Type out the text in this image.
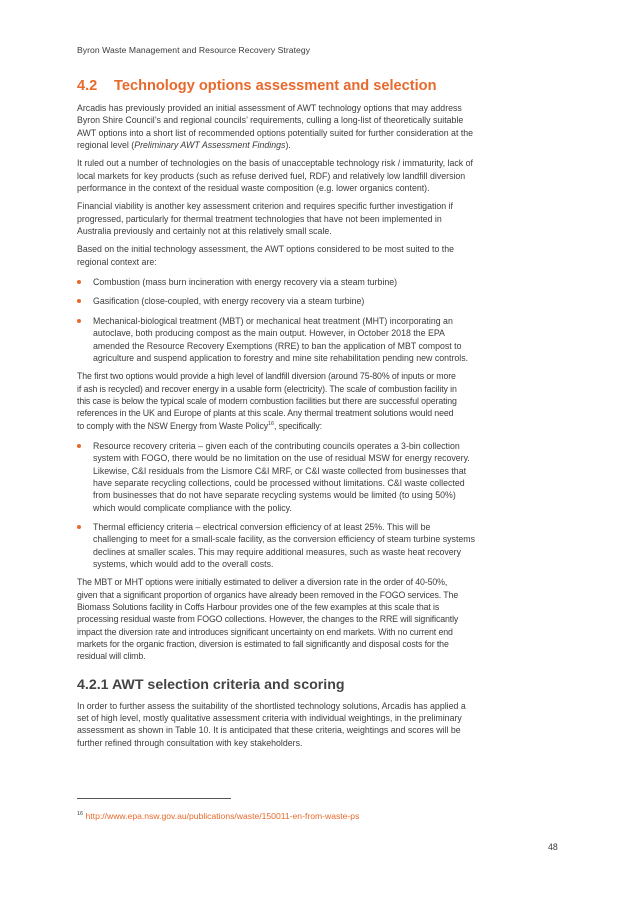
Byron Waste Management and Resource Recovery Strategy
4.2 Technology options assessment and selection

Arcadis has previously provided an initial assessment of AWT technology options that may address
Byron Shire Council’s and regional councils’ requirements, culling a long-list of theoretically suitable
AWT options into a short list of recommended options potentially suited for further consideration at the
regional level (Preliminary AWT Assessment Findings).

It ruled out a number of technologies on the basis of unacceptable technology risk / immaturity, lack of
local markets for key products (such as refuse derived fuel, RDF) and relatively low landfill diversion
performance in the context of the residual waste composition (e.g. lower organics content).

Financial viability is another key assessment criterion and requires specific further investigation if
progressed, particularly for thermal treatment technologies that have not been implemented in
Australia previously and certainly not at this relatively small scale.

Based on the initial technology assessment, the AWT options considered to be most suited to the
regional context are:

Combustion (mass burn incineration with energy recovery via a steam turbine)
Gasification (close-coupled, with energy recovery via a steam turbine)
Mechanical-biological treatment (MBT) or mechanical heat treatment (MHT) incorporating an
autoclave, both producing compost as the main output. However, in October 2018 the EPA
amended the Resource Recovery Exemptions (RRE) to ban the application of MBT compost to
agriculture and suspend application to forestry and mine site rehabilitation pending new controls.

The first two options would provide a high level of landfill diversion (around 75-80% of inputs or more
if ash is recycled) and recover energy in a usable form (electricity). The scale of combustion facility in
this case is below the typical scale of modern combustion facilities but there are successful operating
references in the UK and Europe of plants at this scale. Any thermal treatment solutions would need
to comply with the NSW Energy from Waste Policy$^{16}$, specifically:

Resource recovery criteria – given each of the contributing councils operates a 3-bin collection
system with FOGO, there would be no limitation on the use of residual MSW for energy recovery.
Likewise, C&I residuals from the Lismore C&I MRF, or C&I waste collected from businesses that
have separate recycling collections, could be processed without limitations. C&I waste collected
from businesses that do not have separate recycling systems would be limited (to using 50%)
which would complicate compliance with the policy.
Thermal efficiency criteria – electrical conversion efficiency of at least 25%. This will be
challenging to meet for a small-scale facility, as the conversion efficiency of steam turbine systems
declines at smaller scales. This may require additional measures, such as waste heat recovery
systems, which would add to the overall costs.

The MBT or MHT options were initially estimated to deliver a diversion rate in the order of 40-50%,
given that a significant proportion of organics have already been removed in the FOGO services. The
Biomass Solutions facility in Coffs Harbour provides one of the few examples at this scale that is
processing residual waste from FOGO collections. However, the changes to the RRE will significantly
impact the diversion rate and introduces significant uncertainty on end markets. With no current end
markets for the organic fraction, diversion is estimated to fall significantly and disposal costs for the
residual will climb.

4.2.1 AWT selection criteria and scoring

In order to further assess the suitability of the shortlisted technology solutions, Arcadis has applied a
set of high level, mostly qualitative assessment criteria with individual weightings, in the preliminary
assessment as shown in Table 10. It is anticipated that these criteria, weightings and scores will be
further refined through consultation with key stakeholders.

$^{16}$ http://www.epa.nsw.gov.au/publications/waste/150011-en-from-waste-ps
48
